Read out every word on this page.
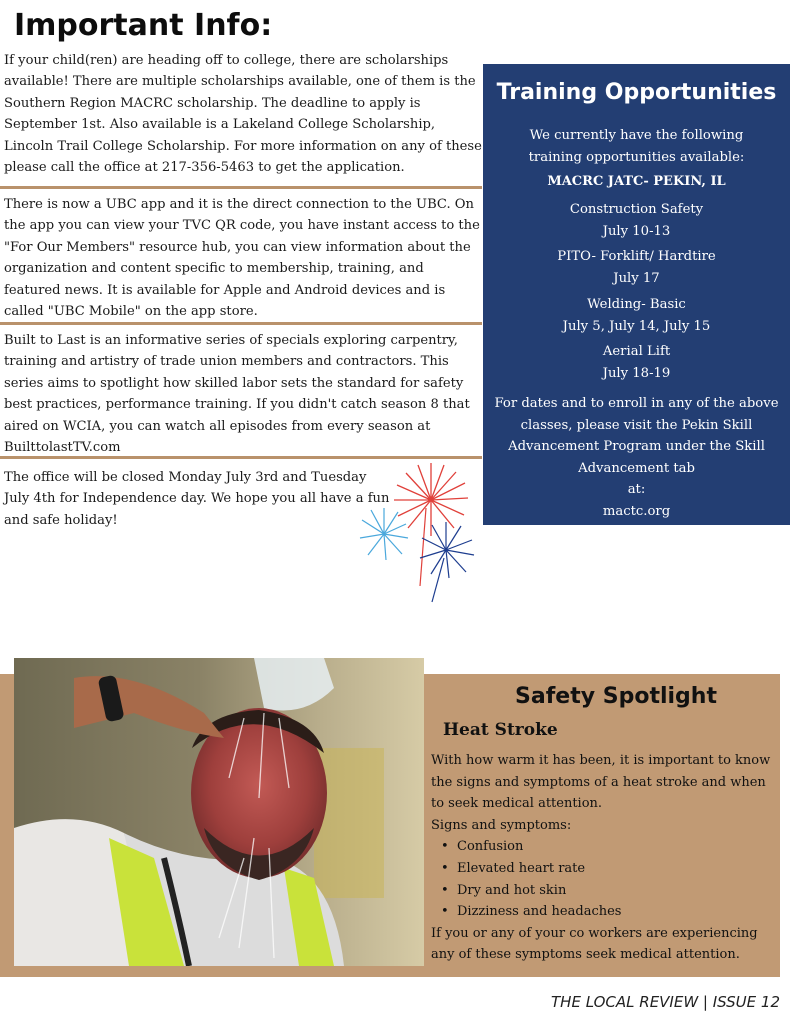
Important Info:

If your child(ren) are heading off to college, there are scholarships available! There are multiple scholarships available, one of them is the Southern Region MACRC scholarship. The deadline to apply is September 1st. Also available is a Lakeland College Scholarship, Lincoln Trail College Scholarship. For more information on any of these please call the office at 217-356-5463 to get the application.

There is now a UBC app and it is the direct connection to the UBC. On the app you can view your TVC QR code, you have instant access to the "For Our Members" resource hub, you can view information about the organization and content specific to membership, training, and featured news. It is available for Apple and Android devices and is called "UBC Mobile" on the app store.

Built to Last is an informative series of specials exploring carpentry, training and artistry of trade union members and contractors. This series aims to spotlight how skilled labor sets the standard for safety best practices, performance training. If you didn't catch season 8 that aired on WCIA, you can watch all episodes from every season at BuilttolastTV.com

The office will be closed Monday July 3rd and Tuesday July 4th for Independence day. We hope you all have a fun and safe holiday!

Training Opportunities
We currently have the following training opportunities available:
MACRC JATC- PEKIN, IL
Construction Safety
July 10-13
PITO- Forklift/ Hardtire
July 17
Welding- Basic
July 5, July 14, July 15
Aerial Lift
July 18-19
For dates and to enroll in any of the above classes, please visit the Pekin Skill Advancement Program under the Skill Advancement tab
at:
mactc.org
Safety Spotlight
Heat Stroke

With how warm it has been, it is important to know the signs and symptoms of a heat stroke and when to seek medical attention.

Signs and symptoms:

• Confusion
• Elevated heart rate
• Dry and hot skin
• Dizziness and headaches

If you or any of your co workers are experiencing any of these symptoms seek medical attention.

THE LOCAL REVIEW | ISSUE 12
